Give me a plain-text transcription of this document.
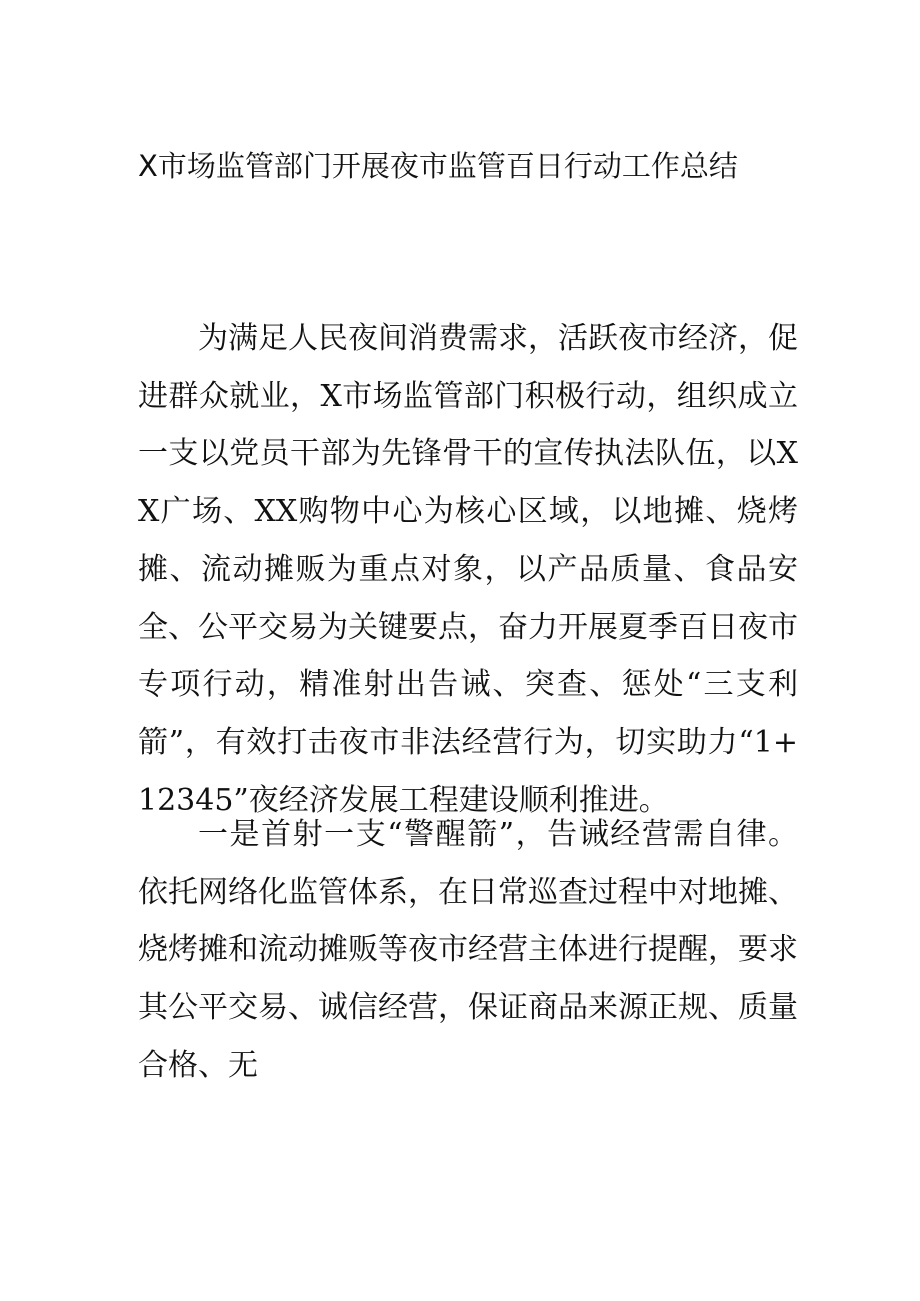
X市场监管部门开展夜市监管百日行动工作总结

为满足人民夜间消费需求，活跃夜市经济，促进群众就业，X市场监管部门积极行动，组织成立一支以党员干部为先锋骨干的宣传执法队伍，以XX广场、XX购物中心为核心区域，以地摊、烧烤摊、流动摊贩为重点对象，以产品质量、食品安全、公平交易为关键要点，奋力开展夏季百日夜市专项行动，精准射出告诫、突查、惩处“三支利箭”，有效打击夜市非法经营行为，切实助力“1+12345”夜经济发展工程建设顺利推进。

一是首射一支“警醒箭”，告诫经营需自律。依托网络化监管体系，在日常巡查过程中对地摊、烧烤摊和流动摊贩等夜市经营主体进行提醒，要求其公平交易、诚信经营，保证商品来源正规、质量合格、无
